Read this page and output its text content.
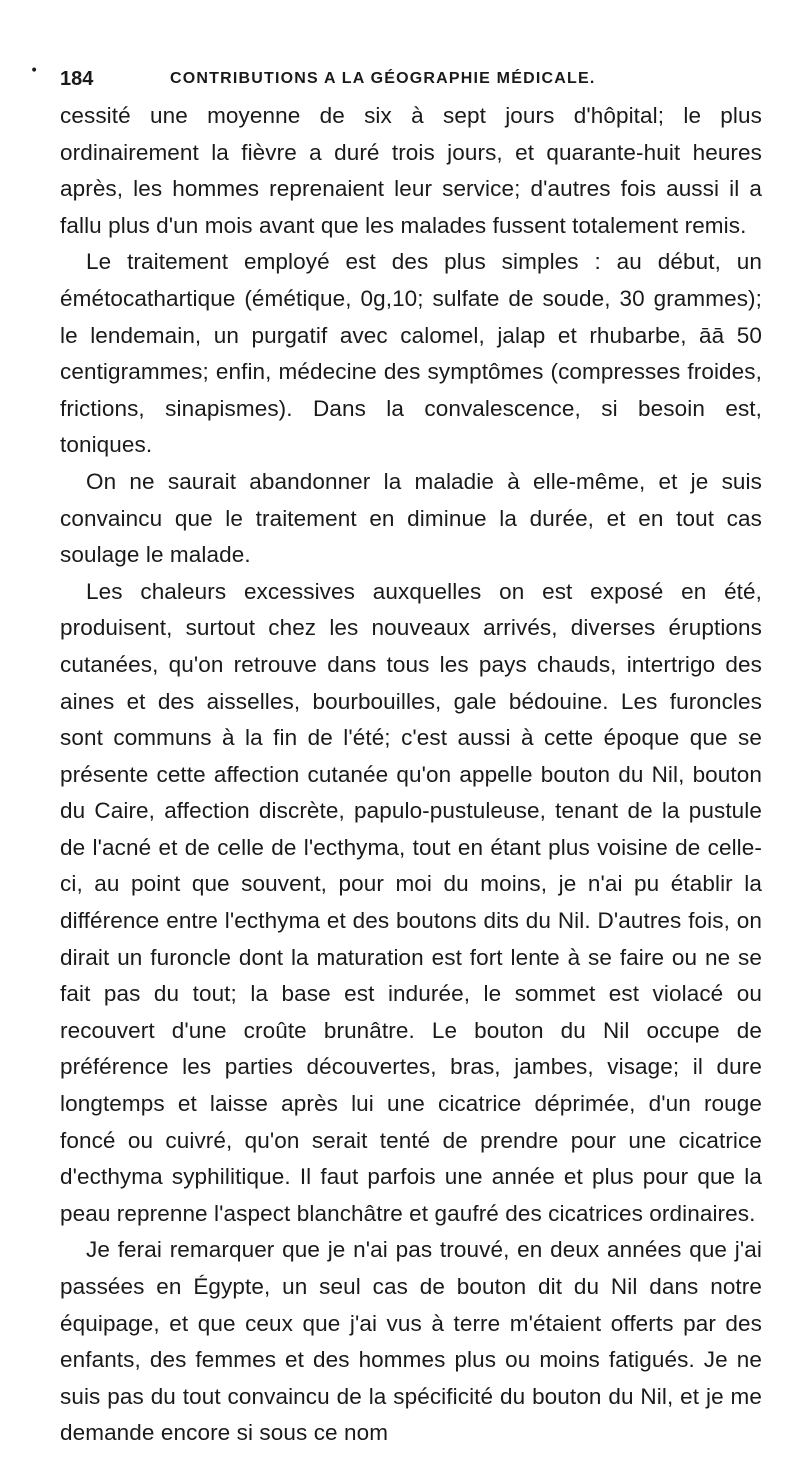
• 184	CONTRIBUTIONS A LA GÉOGRAPHIE MÉDICALE.

cessité une moyenne de six à sept jours d'hôpital; le plus ordinairement la fièvre a duré trois jours, et quarante-huit heures après, les hommes reprenaient leur service; d'autres fois aussi il a fallu plus d'un mois avant que les malades fussent totalement remis.

Le traitement employé est des plus simples : au début, un émétocathartique (émétique, 0g,10; sulfate de soude, 30 grammes); le lendemain, un purgatif avec calomel, jalap et rhubarbe, āā 50 centigrammes; enfin, médecine des symptômes (compresses froides, frictions, sinapismes). Dans la convalescence, si besoin est, toniques.

On ne saurait abandonner la maladie à elle-même, et je suis convaincu que le traitement en diminue la durée, et en tout cas soulage le malade.

Les chaleurs excessives auxquelles on est exposé en été, produisent, surtout chez les nouveaux arrivés, diverses éruptions cutanées, qu'on retrouve dans tous les pays chauds, intertrigo des aines et des aisselles, bourbouilles, gale bédouine. Les furoncles sont communs à la fin de l'été; c'est aussi à cette époque que se présente cette affection cutanée qu'on appelle bouton du Nil, bouton du Caire, affection discrète, papulo-pustuleuse, tenant de la pustule de l'acné et de celle de l'ecthyma, tout en étant plus voisine de celle-ci, au point que souvent, pour moi du moins, je n'ai pu établir la différence entre l'ecthyma et des boutons dits du Nil. D'autres fois, on dirait un furoncle dont la maturation est fort lente à se faire ou ne se fait pas du tout; la base est indurée, le sommet est violacé ou recouvert d'une croûte brunâtre. Le bouton du Nil occupe de préférence les parties découvertes, bras, jambes, visage; il dure longtemps et laisse après lui une cicatrice déprimée, d'un rouge foncé ou cuivré, qu'on serait tenté de prendre pour une cicatrice d'ecthyma syphilitique. Il faut parfois une année et plus pour que la peau reprenne l'aspect blanchâtre et gaufré des cicatrices ordinaires.

Je ferai remarquer que je n'ai pas trouvé, en deux années que j'ai passées en Égypte, un seul cas de bouton dit du Nil dans notre équipage, et que ceux que j'ai vus à terre m'étaient offerts par des enfants, des femmes et des hommes plus ou moins fatigués. Je ne suis pas du tout convaincu de la spécificité du bouton du Nil, et je me demande encore si sous ce nom
